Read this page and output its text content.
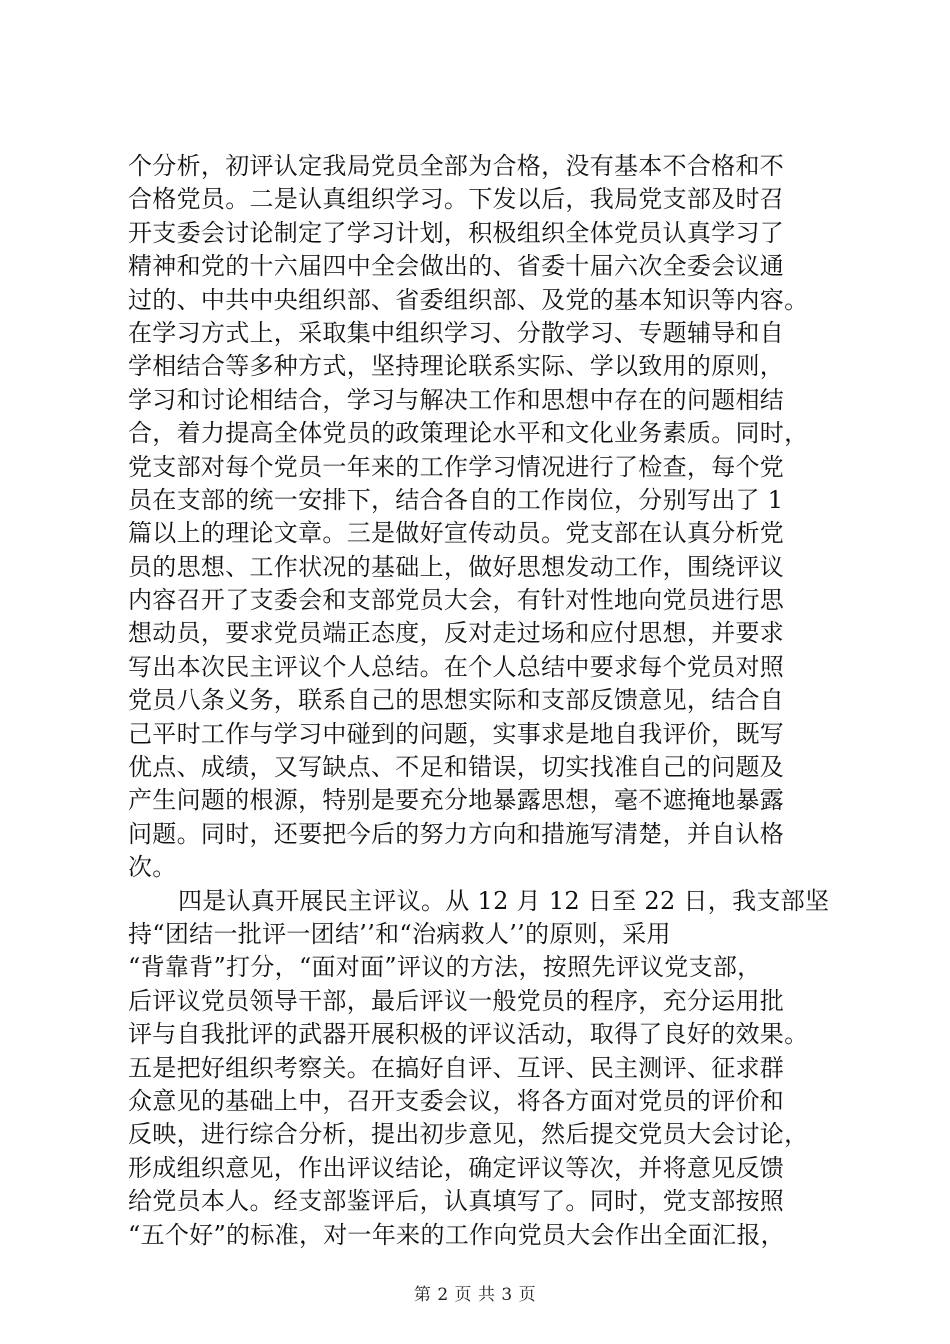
个分析，初评认定我局党员全部为合格，没有基本不合格和不
合格党员。二是认真组织学习。下发以后，我局党支部及时召
开支委会讨论制定了学习计划，积极组织全体党员认真学习了
精神和党的十六届四中全会做出的、省委十届六次全委会议通
过的、中共中央组织部、省委组织部、及党的基本知识等内容。
在学习方式上，采取集中组织学习、分散学习、专题辅导和自
学相结合等多种方式，坚持理论联系实际、学以致用的原则，
学习和讨论相结合，学习与解决工作和思想中存在的问题相结
合，着力提高全体党员的政策理论水平和文化业务素质。同时，
党支部对每个党员一年来的工作学习情况进行了检查，每个党
员在支部的统一安排下，结合各自的工作岗位，分别写出了 1
篇以上的理论文章。三是做好宣传动员。党支部在认真分析党
员的思想、工作状况的基础上，做好思想发动工作，围绕评议
内容召开了支委会和支部党员大会，有针对性地向党员进行思
想动员，要求党员端正态度，反对走过场和应付思想，并要求
写出本次民主评议个人总结。在个人总结中要求每个党员对照
党员八条义务，联系自己的思想实际和支部反馈意见，结合自
己平时工作与学习中碰到的问题，实事求是地自我评价，既写
优点、成绩，又写缺点、不足和错误，切实找准自己的问题及
产生问题的根源，特别是要充分地暴露思想，毫不遮掩地暴露
问题。同时，还要把今后的努力方向和措施写清楚，并自认格
次。
四是认真开展民主评议。从 12 月 12 日至 22 日，我支部坚
持“团结一批评一团结’’和“治病救人’’的原则，采用
“背靠背”打分，“面对面”评议的方法，按照先评议党支部，
后评议党员领导干部，最后评议一般党员的程序，充分运用批
评与自我批评的武器开展积极的评议活动，取得了良好的效果。
五是把好组织考察关。在搞好自评、互评、民主测评、征求群
众意见的基础上中，召开支委会议，将各方面对党员的评价和
反映，进行综合分析，提出初步意见，然后提交党员大会讨论，
形成组织意见，作出评议结论，确定评议等次，并将意见反馈
给党员本人。经支部鉴评后，认真填写了。同时，党支部按照
“五个好”的标准，对一年来的工作向党员大会作出全面汇报，
第 2 页 共 3 页
